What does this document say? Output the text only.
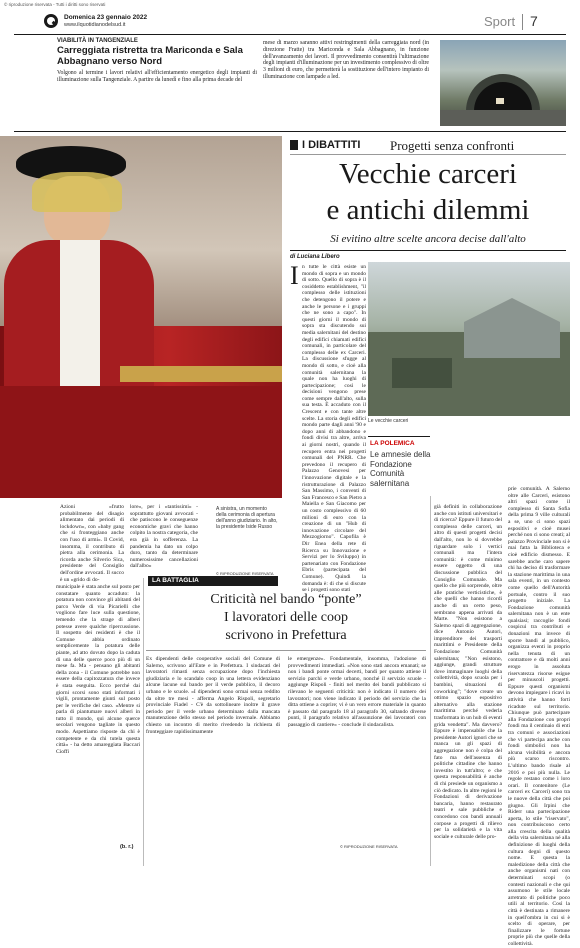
© riproduzione riservata - Tutti i diritti sono riservati
Domenica 23 gennaio 2022
www.ilquotidianodelsud.it	Sport 7
VIABILITÀ IN TANGENZIALE
Carreggiata ristretta tra Mariconda e Sala Abbagnano verso Nord
Volgono al termine i lavori relativi all'efficientamento energetico degli impianti di illuminazione sulla Tangenziale. A partire da lunedì e fino alla prima decade del
mese di marzo saranno attivi restringimenti della carreggiata nord (in direzione Fratte) tra Mariconda e Sala Abbagnano, in funzione dell'avanzamento dei lavori. Il provvedimento consentirà l'ultimazione degli impianti d'illuminazione per un investimento complessivo di oltre 3 milioni di euro, che permetterà la sostituzione dell'intero impianto di illuminazione con lampade a led.
Azioni «frutto probabilmente del disagio alimentato dai periodi di lockdown», con «baby gang che si fronteggiano anche con l'uso di armi». Il Covid, insomma, il contributo di pietra alla cerimonia. La ricorda anche Silverio Sica, presidente del Consiglio dell'ordine avvocati. Il succo è un «grido di do-
lore», per i «tantissimi» - soprattutto giovani avvocati - che patiscono le conseguenze economiche gravi che hanno colpito la nostra categoria, che era già in sofferenza. La pandemia ha dato un colpo duro, tanto da determinare numerosissime cancellazioni dall'albo»
A sinistra, un momento della cerimonia di apertura dell'anno giudiziario. In alto, la presidente Iside Russo
© RIPRODUZIONE RISERVATA
I DIBATTITI Progetti senza confronti
Vecchie carceri
e antichi dilemmi
Si evitino altre scelte ancora decise dall'alto
di Luciana Libero
I n tutte le città esiste un mondo di sopra e un mondo di sotto. Quello di sopra è il cosiddetto establishment, "il complesso delle istituzioni che detengono il potere e anche le persone e i gruppi che ne sono a capo". In questi giorni il mondo di sopra sta discutendo sui media salernitani del destino degli edifici chiamati edifici comunali, in particolare del complesso delle ex Carceri. La discussione sfugge al mondo di sotto, e cioè alla comunità salernitana la quale non ha luoghi di partecipazione; così le decisioni vengono prese come sempre dall'alto, sulla sua testa. È accaduto con il Crescent e con tante altre scelte. La storia degli edifici mondo parte dagli anni '90 e dopo anni di abbandono e fondi divisi tra altre, arriva ai giorni nostri, quando il recupero entra nei progetti comunali del PNRR. Che prevedono il recupero di Palazzo Genovesi per l'innovazione digitale e la ristrutturazione di Palazzo San Massimo, i conventi di San Francesco e San Pietro a Maiella e San Giacomo per un costo complessivo di 60 milioni di euro con la creazione di un "Hub di innovazione circolare del Mezzogiorno". Capofila è Dir Enea della rete di Ricerca su Innovazione e Servizi per lo Sviluppo) in partenariato con Fondazione Ebris (partecipata del Comune). Quindi la domanda è: di che si discute se i progetti sono stati
già definiti in collaborazione anche con istituti universitari e di ricerca? Eppure il futuro del complesso delle carceri, un altro di questi progetti decisi dall'alto, non lo si dovrebbe riguardare solo i vertici comunali ma l'intera comunità: è come minimo essere oggetto di una discussione pubblica del Consiglio Comunale. Ma quello che più sorprende, oltre alle pratiche verticistiche, è che quelli che hanno ricordi anche di un certo peso, sembrano appena arrivati da Marte. "Non esistono a Salerno spazi di aggregazione, dice Antonio Autori, imprenditore dei trasporti marittimi e Presidente della Fondazione Comunità salernitana; "Non esistono, aggiunge, grandi strutture dove immaginare luoghi della collettività, dopo scuola per i bambini, situazioni di coworking"; "dove creare un ottimo spazio espositivo alternativo alla stazione marittima perché vederla trasformata in un hub di eventi grida vendetta". Ma davvero? Eppure è impensabile che la presidente Autori ignori che se manca un gli spazi di aggregazione non è colpa del fato ma dell'assenza di politiche cittadine che hanno investito in tutt'altro; e che questa responsabilità è anche di chi presiede un organismo a ciò dedicato. In altre regioni le Fondazioni di derivazione bancaria, hanno restaurato teatri e sale pubbliche e concedono con bandi annuali corpose a progetti di rilievo per la solidarietà e la vita sociale e culturale delle pro-
prie comunità. A Salerno oltre alle Carceri, esistono altri spazi come il complesso di Santa Sofia della prima 9 ville culturali a se, uno ci sono spazi espositivi e cioè musei perché non ci sono creati; al palazzo Provinciale non si è mai fatta la Biblioteca e cioè edificio dismesso. E sarebbe anche caro sapere chi ha deciso di trasformare la stazione marittima in una sala eventi, in un contesto come quello dell'Autorità portuale, contro il suo progetto iniziale. La Fondazione comunità salernitana non è un ente qualsiasi; raccoglie fondi cospicui tra contributi e donazioni ma invece di sporre bandi al pubblico, organizza eventi in proprio nella tenuta di un contrattore e dà molti anni erogo in assoluta riservatezza risorse esigue per minuscoli progetti. Eppure questi organismi devono impiegare i ricavi in attività che hanno forti ricadute sul territorio. Chiunque può partecipare alla Fondazione con propri fondi ma il centinaio di enti tra comuni e associazioni che vi partecipa anche con fondi simbolici non ha alcuna visibilità e ancora più scarso riscontro. L'ultimo bando risale al 2016 e poi più nulla. Le regole restano come i loro orari. Il contenitore (Le carceri ex Carceri) sono tra le nuove della città che poi giugno. Gli Irpini che Riderr una partecipazione aperta, lo stile "riservato", non contribuiscono certo alla crescita della qualità della vita salernitana né alla definizione di luoghi della cultura degni di questo nome. E questa la maledizione della città che anche organismi nati con determinati scopi (o contesti nazionali e che qui assumono le stile locale arretrato di politiche poco utili al territorio. Così la città è destinata a rimanere in quell'ombra in cui si è scelto di operare, per finalizzare le fortune proprie più che quelle della collettività.
Le vecchie carceri
LA POLEMICA
Le amnesie della Fondazione Comunità salernitana
municipale è stata anche sul posto per constatare quanto accaduto: la potatura non convince gli abitanti del parco Verde di via Picarielli che vogliono fare luce sulla questione, temendo che la strage di alberi potesse avere qualche ripercussione. Il sospetto dei residenti è che il Comune abbia ordinato semplicemente la potatura delle piante, ad atto dovuto dopo la caduta di una delle querce poco più di un mese fa. Ma - pensano gli abitanti della zona - il Comune potrebbe non essere della capitozzatura che invece è stata eseguita. Ecco perché dai giorni scorsi sono stati informati i vigili, prontamente giunti sul posto per le verifiche del caso. «Mentre si parla di piantumare nuovi alberi in tutto il mondo, qui alcune querce secolari vengono tagliate in questo modo. Aspettiamo risposte da chi è competente e da chi tutela questa città» - ha detto amareggiata Baccari Cioffi
(b. r.)
LA BATTAGLIA
Criticità nel bando “ponte”
I lavoratori delle coop
scrivono in Prefettura
Ex dipendenti delle cooperative sociali del Comune di Salerno, scrivono all'Ente e in Prefettura. I sindacati del lavoratori rimasti senza occupazione dopo l'inchiesta giudiziaria e lo scandalo coop in una lettera evidenziano alcune lacune sul bando per il verde pubblico, il decoro urbano e le scuole. «I dipendenti sono ormai senza reddito da oltre tre mesi - afferma Angelo Rispoli, segretario provinciale Fiadel - C'è da sottolineare inoltre il grave periodo per il verde urbano determinato dalla mancata manutenzione dello stesso nel periodo invernale. Abbiamo chiesto un incontro di merito rivedendo la richiesta di fronteggiare rapidissimamente
le emergenze». Fondamentale, insomma, l'adozione di provvedimenti immediati. «Non sono stati ancora emanati; se non i bandi ponte ormai decerti, bandi per quanto attiene il servizio parchi e verde urbano, nonché il servizio scuole - aggiunge Rispoli - finiti nel merito dei bandi pubblicato si rilevano le seguenti criticità: non è indicato il numero dei lavoratori; non viene indicato il periodo del servizio che la ditta ottiene a coprire; vi è un vero errore materiale in quanto è passato dal paragrafo 18 al paragrafo 30, saltando diverse punti, il paragrafo relativo all'assunzione dei lavoratori con passaggio di cantiere» - conclude il sindacalista.
© RIPRODUZIONE RISERVATA
